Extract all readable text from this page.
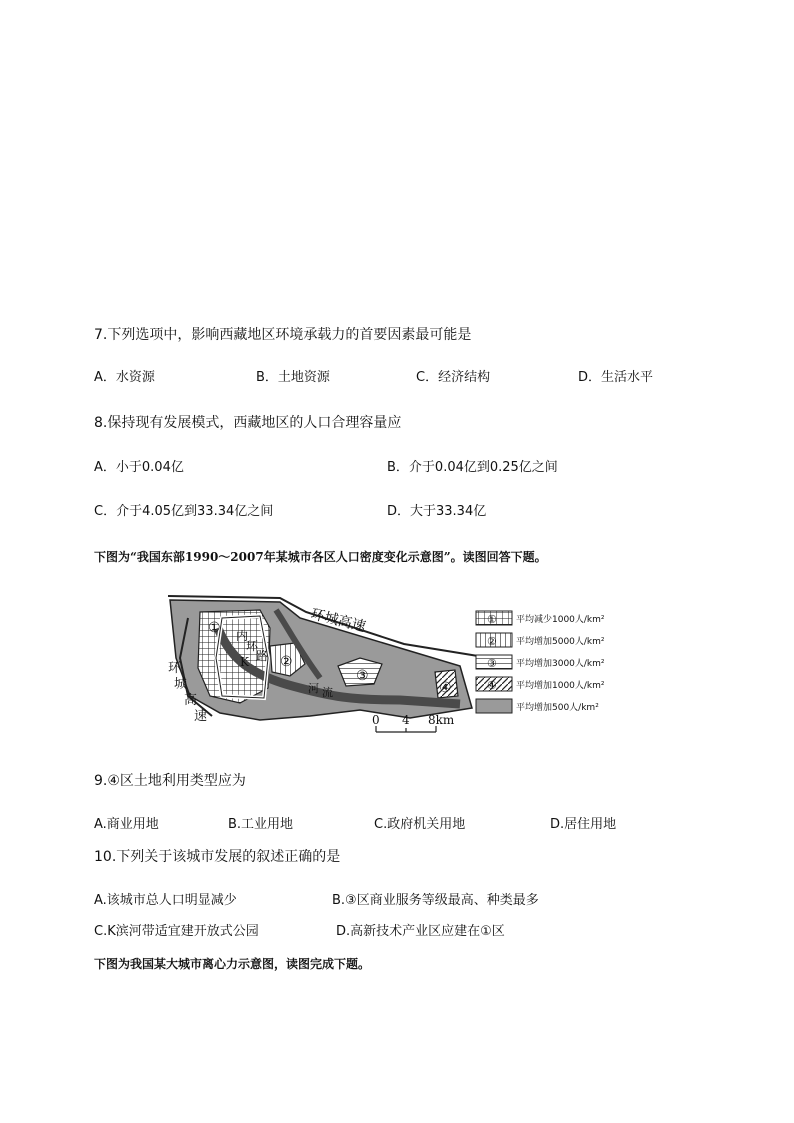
7.下列选项中，影响西藏地区环境承载力的首要因素最可能是
A．水资源	B．土地资源	C．经济结构	D．生活水平
8.保持现有发展模式，西藏地区的人口合理容量应
A．小于0.04亿	B．介于0.04亿到0.25亿之间
C．介于4.05亿到33.34亿之间	D．大于33.34亿
下图为“我国东部1990～2007年某城市各区人口密度变化示意图”。读图回答下题。
环城高速
环
城
高
速
内
环
路
K
河 流
①
②
③
④
0 4 8km
① 平均减少1000人/km²
② 平均增加5000人/km²
③ 平均增加3000人/km²
④ 平均增加1000人/km²
平均增加500人/km²
9.④区土地利用类型应为
A.商业用地	B.工业用地	C.政府机关用地	D.居住用地
10.下列关于该城市发展的叙述正确的是
A.该城市总人口明显减少	B.③区商业服务等级最高、种类最多
C.K滨河带适宜建开放式公园	D.高新技术产业区应建在①区
下图为我国某大城市离心力示意图，读图完成下题。
